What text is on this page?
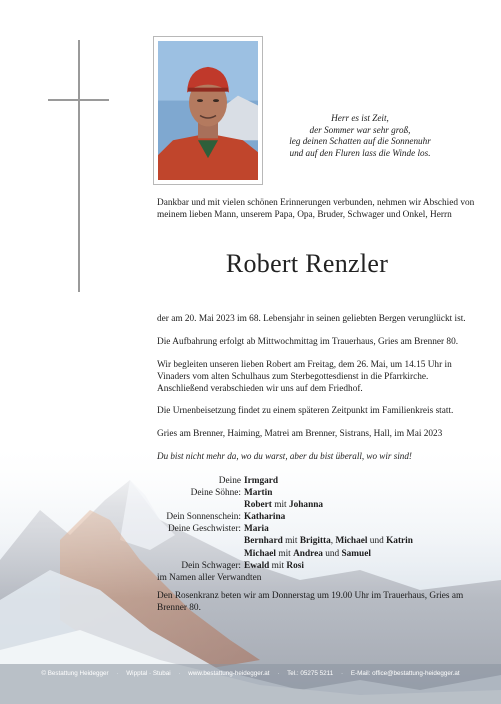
Herr es ist Zeit,
der Sommer war sehr groß,
leg deinen Schatten auf die Sonnenuhr
und auf den Fluren lass die Winde los.
Dankbar und mit vielen schönen Erinnerungen verbunden, nehmen wir Abschied von meinem lieben Mann, unserem Papa, Opa, Bruder, Schwager und Onkel, Herrn
Robert Renzler
der am 20. Mai 2023 im 68. Lebensjahr in seinen geliebten Bergen verunglückt ist.
Die Aufbahrung erfolgt ab Mittwochmittag im Trauerhaus, Gries am Brenner 80.
Wir begleiten unseren lieben Robert am Freitag, dem 26. Mai, um 14.15 Uhr in Vinaders vom alten Schulhaus zum Sterbegottesdienst in die Pfarrkirche. Anschließend verabschieden wir uns auf dem Friedhof.
Die Urnenbeisetzung findet zu einem späteren Zeitpunkt im Familienkreis statt.
Gries am Brenner, Haiming, Matrei am Brenner, Sistrans, Hall, im Mai 2023
Du bist nicht mehr da, wo du warst, aber du bist überall, wo wir sind!
Deine Irmgard
Deine Söhne: Martin
Robert mit Johanna
Dein Sonnenschein: Katharina
Deine Geschwister: Maria
Bernhard mit Brigitta, Michael und Katrin
Michael mit Andrea und Samuel
Dein Schwager: Ewald mit Rosi
im Namen aller Verwandten
Den Rosenkranz beten wir am Donnerstag um 19.00 Uhr im Trauerhaus, Gries am Brenner 80.
© Bestattung Heidegger · Wipptal · Stubai · www.bestattung-heidegger.at · Tel.: 05275 5211 · E-Mail: office@bestattung-heidegger.at
